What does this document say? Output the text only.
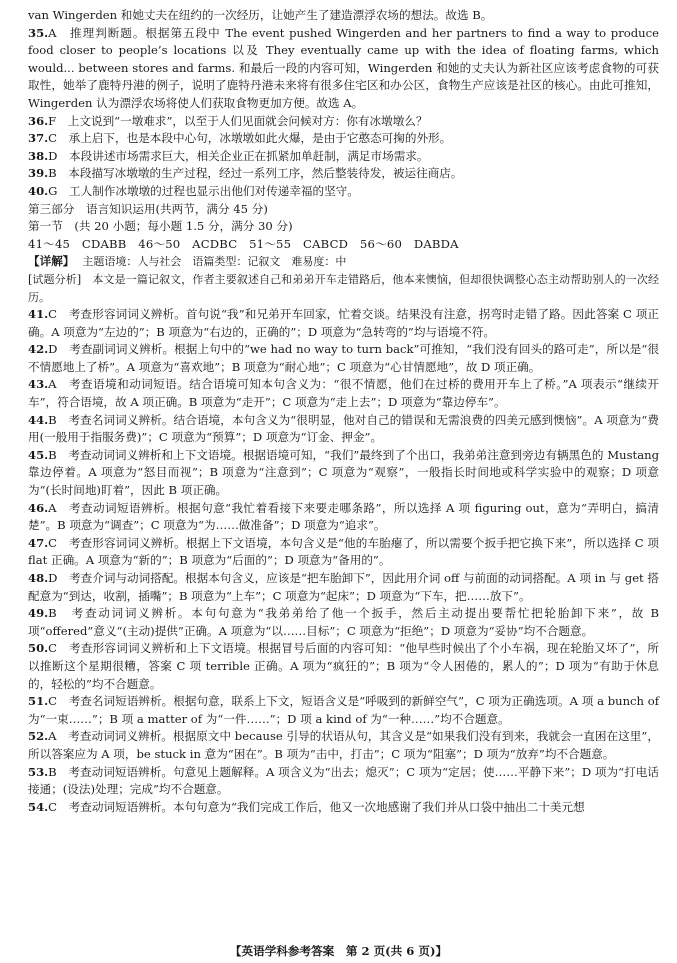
van Wingerden 和她丈夫在纽约的一次经历，让她产生了建造漂浮农场的想法。故选 B。

35.A　推理判断题。根据第五段中 The event pushed Wingerden and her partners to find a way to produce food closer to people’s locations 以及 They eventually came up with the idea of floating farms, which would... between stores and farms. 和最后一段的内容可知，Wingerden 和她的丈夫认为新社区应该考虑食物的可获取性，她举了鹿特丹港的例子，说明了鹿特丹港未来将有很多住宅区和办公区，食物生产应该是社区的核心。由此可推知，Wingerden 认为漂浮农场将使人们获取食物更加方便。故选 A。

36.F　上文说到“一墩难求”，以至于人们见面就会问候对方：你有冰墩墩么？

37.C　承上启下，也是本段中心句，冰墩墩如此火爆，是由于它憨态可掬的外形。

38.D　本段讲述市场需求巨大，相关企业正在抓紧加单赶制，满足市场需求。

39.B　本段描写冰墩墩的生产过程，经过一系列工序，然后整装待发，被运往商店。

40.G　工人制作冰墩墩的过程也显示出他们对传递幸福的坚守。

第三部分　语言知识运用(共两节，满分 45 分)

第一节　(共 20 小题；每小题 1.5 分，满分 30 分)

41～45　CDABB　46～50　ACDBC　51～55　CABCD　56～60　DABDA

【详解】 主题语境：人与社会　语篇类型：记叙文　难易度：中

[试题分析]　 本文是一篇记叙文，作者主要叙述自己和弟弟开车走错路后，他本来懊恼，但却很快调整心态主动帮助别人的一次经历。

41.C　考查形容词词义辨析。首句说“我”和兄弟开车回家，忙着交谈。结果没有注意，拐弯时走错了路。因此答案 C 项正确。A 项意为“左边的”；B 项意为“右边的，正确的”；D 项意为“急转弯的”均与语境不符。

42.D　考查副词词义辨析。根据上句中的“we had no way to turn back”可推知，“我们没有回头的路可走”，所以是“很不情愿地上了桥”。A 项意为“喜欢地”；B 项意为“耐心地”；C 项意为“心甘情愿地”，故 D 项正确。

43.A　考查语境和动词短语。结合语境可知本句含义为：“很不情愿，他们在过桥的费用开车上了桥。”A 项表示“继续开车”，符合语境，故 A 项正确。B 项意为“走开”；C 项意为“走上去”；D 项意为“靠边停车”。

44.B　考查名词词义辨析。结合语境，本句含义为“很明显，他对自己的错误和无需浪费的四美元感到懊恼”。A 项意为“费用(一般用于指服务费)”；C 项意为“预算”；D 项意为“订金、押金”。

45.B　考查动词词义辨析和上下文语境。根据语境可知，“我们”最终到了个出口，我弟弟注意到旁边有辆黑色的 Mustang 靠边停着。A 项意为“怒目而视”；B 项意为“注意到”；C 项意为“观察”，一般指长时间地或科学实验中的观察；D 项意为“(长时间地)盯着”，因此 B 项正确。

46.A　考查动词短语辨析。根据句意“我忙着看接下来要走哪条路”，所以选择 A 项 figuring out，意为“弄明白，搞清楚”。B 项意为“调查”；C 项意为“为……做准备”；D 项意为“追求”。

47.C　考查形容词词义辨析。根据上下文语境，本句含义是“他的车胎瘪了，所以需要个扳手把它换下来”，所以选择 C 项 flat 正确。A 项意为“新的”；B 项意为“后面的”；D 项意为“备用的”。

48.D　考查介词与动词搭配。根据本句含义，应该是“把车胎卸下”，因此用介词 off 与前面的动词搭配。A 项 in 与 get 搭配意为“到达，收割，插嘴”；B 项意为“上车”；C 项意为“起床”；D 项意为“下车，把……放下”。

49.B　考查动词词义辨析。本句句意为“我弟弟给了他一个扳手，然后主动提出要帮忙把轮胎卸下来”，故 B 项“offered”意义“(主动)提供”正确。A 项意为“以……目标”；C 项意为“拒绝”；D 项意为“妥协”均不合题意。

50.C　考查形容词词义辨析和上下文语境。根据冒号后面的内容可知：“他早些时候出了个小车祸，现在轮胎又坏了”，所以推断这个星期很糟，答案 C 项 terrible 正确。A 项为“疯狂的”；B 项为“令人困倦的，累人的”；D 项为“有助于休息的，轻松的”均不合题意。

51.C　考查名词短语辨析。根据句意，联系上下文，短语含义是“呼吸到的新鲜空气”，C 项为正确选项。A 项 a bunch of 为“一束……”；B 项 a matter of 为“一件……”；D 项 a kind of 为“一种……”均不合题意。

52.A　考查动词词义辨析。根据原文中 because 引导的状语从句，其含义是“如果我们没有到来，我就会一直困在这里”，所以答案应为 A 项，be stuck in 意为“困在”。B 项为“击中，打击”；C 项为“阻塞”；D 项为“放弃”均不合题意。

53.B　考查动词短语辨析。句意见上题解释。A 项含义为“出去；熄灭”；C 项为“定居；使……平静下来”；D 项为“打电话接通；(设法)处理；完成”均不合题意。

54.C　考查动词短语辨析。本句句意为“我们完成工作后，他又一次地感谢了我们并从口袋中抽出二十美元想

【英语学科参考答案　第 2 页(共 6 页)】
